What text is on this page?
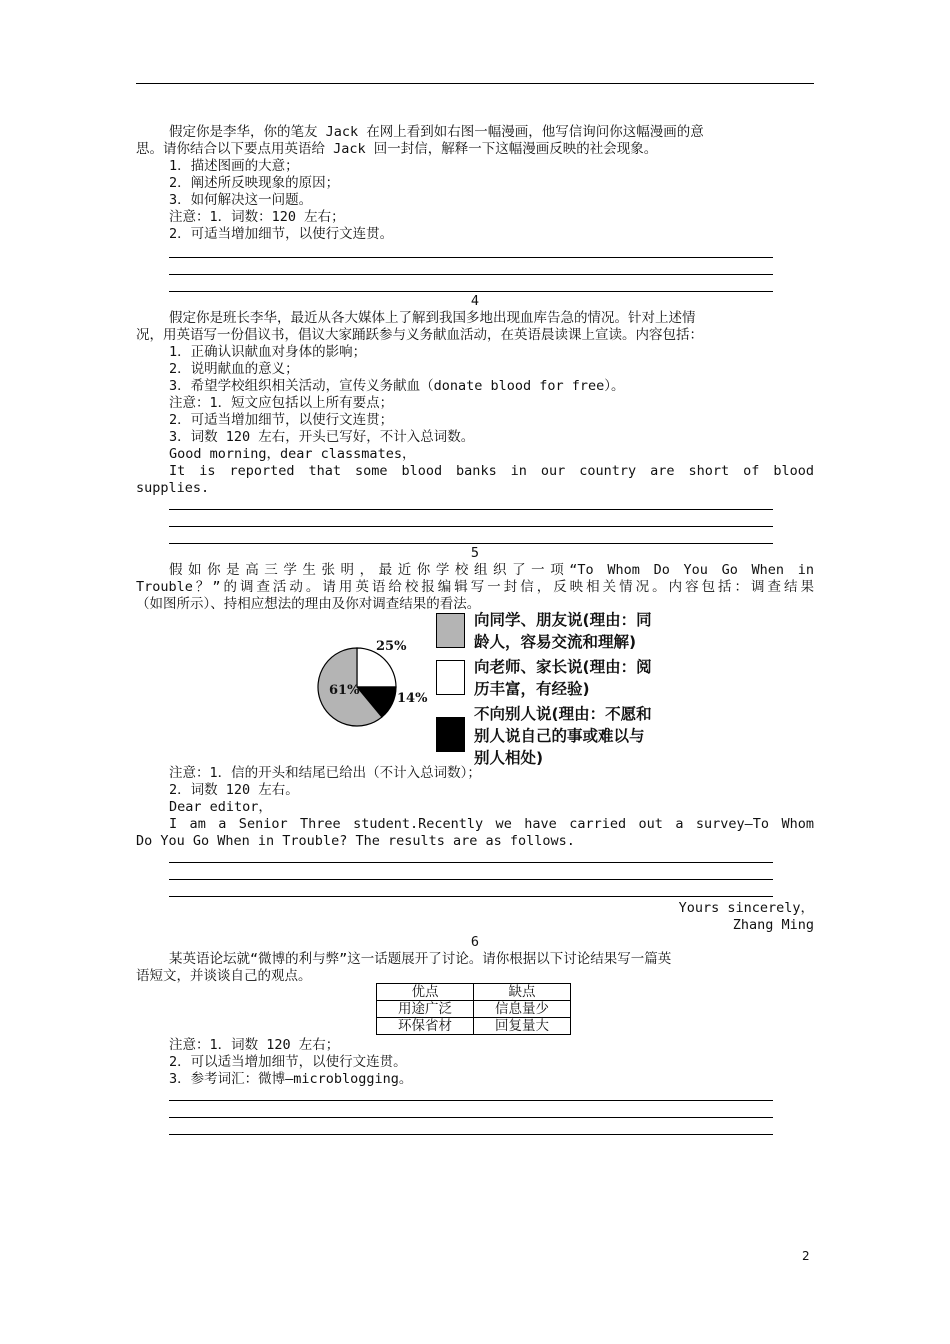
假定你是李华，你的笔友 Jack 在网上看到如右图一幅漫画，他写信询问你这幅漫画的意
思。请你结合以下要点用英语给 Jack 回一封信，解释一下这幅漫画反映的社会现象。
1．描述图画的大意；
2．阐述所反映现象的原因；
3．如何解决这一问题。
注意：1．词数：120 左右；
2．可适当增加细节，以使行文连贯。
4
假定你是班长李华，最近从各大媒体上了解到我国多地出现血库告急的情况。针对上述情
况，用英语写一份倡议书，倡议大家踊跃参与义务献血活动，在英语晨读课上宣读。内容包括：
1．正确认识献血对身体的影响；
2．说明献血的意义；
3．希望学校组织相关活动，宣传义务献血（donate blood for free）。
注意：1．短文应包括以上所有要点；
2．可适当增加细节，以使行文连贯；
3．词数 120 左右，开头已写好，不计入总词数。
Good morning，dear classmates，
It is reported that some blood banks in our country are short of blood
supplies.
5
假如你是高三学生张明，最近你学校组织了一项“To Whom Do You Go When in
Trouble？”的调查活动。请用英语给校报编辑写一封信，反映相关情况。内容包括：调查结果
（如图所示）、持相应想法的理由及你对调查结果的看法。
25%
61%
14%
向同学、朋友说(理由：同
龄人，容易交流和理解)
向老师、家长说(理由：阅
历丰富，有经验)
不向别人说(理由：不愿和
别人说自己的事或难以与
别人相处)
注意：1．信的开头和结尾已给出（不计入总词数）；
2．词数 120 左右。
Dear editor，
I am a Senior Three student.Recently we have carried out a survey—To Whom
Do You Go When in Trouble? The results are as follows.
Yours sincerely，
Zhang Ming
6
某英语论坛就“微博的利与弊”这一话题展开了讨论。请你根据以下讨论结果写一篇英
语短文，并谈谈自己的观点。
优点	缺点
用途广泛	信息量少
环保省材	回复量大
注意：1．词数 120 左右；
2．可以适当增加细节，以使行文连贯。
3．参考词汇：微博—microblogging。
2
